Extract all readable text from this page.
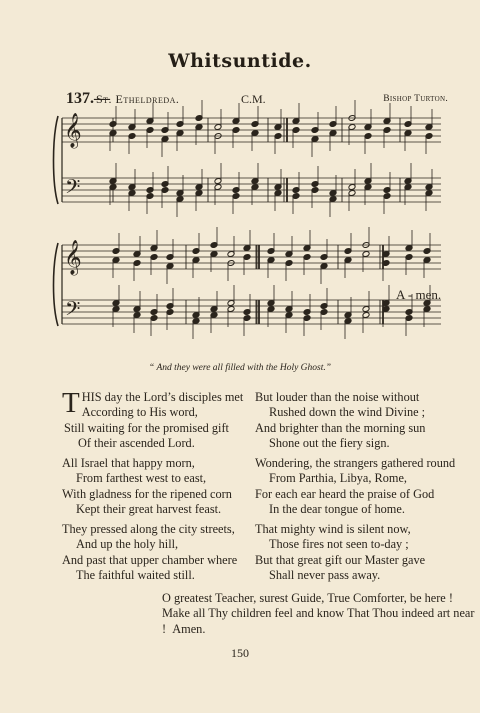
Whitsuntide.
137.—
St. Etheldreda.	C.M.	Bishop Turton.
𝄞
𝄢
𝄞
𝄢
A - men.
“ And they were all filled with the Holy Ghost.”
T HIS day the Lord’s disciples met
According to His word,
Still waiting for the promised gift
Of their ascended Lord.
But louder than the noise without
Rushed down the wind Divine ;
And brighter than the morning sun
Shone out the fiery sign.
All Israel that happy morn,
From farthest west to east,
With gladness for the ripened corn
Kept their great harvest feast.
Wondering, the strangers gathered round
From Parthia, Libya, Rome,
For each ear heard the praise of God
In the dear tongue of home.
They pressed along the city streets,
And up the holy hill,
And past that upper chamber where
The faithful waited still.
That mighty wind is silent now,
Those fires not seen to-day ;
But that great gift our Master gave
Shall never pass away.
O greatest Teacher, surest Guide, True Comforter, be here ! Make all Thy children feel and know That Thou indeed art near ! Amen.
150
